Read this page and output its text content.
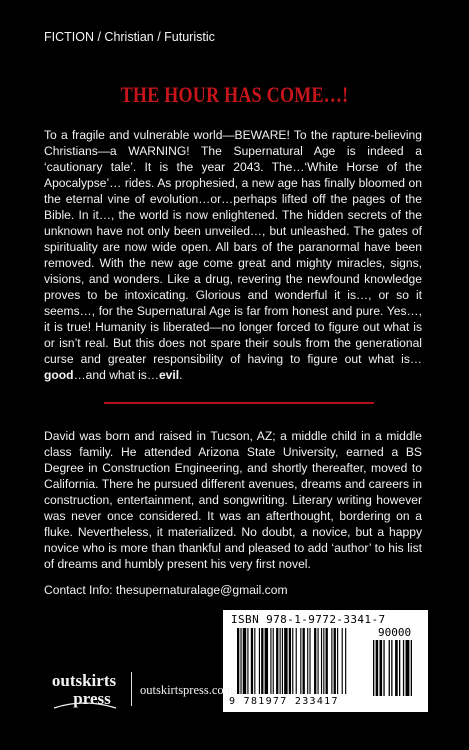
FICTION / Christian / Futuristic
THE HOUR HAS COME…!
To a fragile and vulnerable world—BEWARE! To the rapture-believing Christians—a WARNING! The Supernatural Age is indeed a ‘cautionary tale’. It is the year 2043. The…‘White Horse of the Apocalypse’… rides. As prophesied, a new age has finally bloomed on the eternal vine of evolution…or…perhaps lifted off the pages of the Bible. In it…, the world is now enlightened. The hidden secrets of the unknown have not only been unveiled…, but unleashed. The gates of spirituality are now wide open. All bars of the paranormal have been removed. With the new age come great and mighty miracles, signs, visions, and wonders. Like a drug, revering the newfound knowledge proves to be intoxicating. Glorious and wonderful it is…, or so it seems…, for the Supernatural Age is far from honest and pure. Yes…, it is true! Humanity is liberated—no longer forced to figure out what is or isn’t real. But this does not spare their souls from the generational curse and greater responsibility of having to figure out what is…good…and what is…evil.
David was born and raised in Tucson, AZ; a middle child in a middle class family. He attended Arizona State University, earned a BS Degree in Construction Engineering, and shortly thereafter, moved to California. There he pursued different avenues, dreams and careers in construction, entertainment, and songwriting. Literary writing however was never once considered. It was an afterthought, bordering on a fluke. Nevertheless, it materialized. No doubt, a novice, but a happy novice who is more than thankful and pleased to add ‘author’ to his list of dreams and humbly present his very first novel.
Contact Info: thesupernaturalage@gmail.com
ISBN 978-1-9772-3341-7
90000
9 781977 233417
outskirts
press outskirtspress.com
